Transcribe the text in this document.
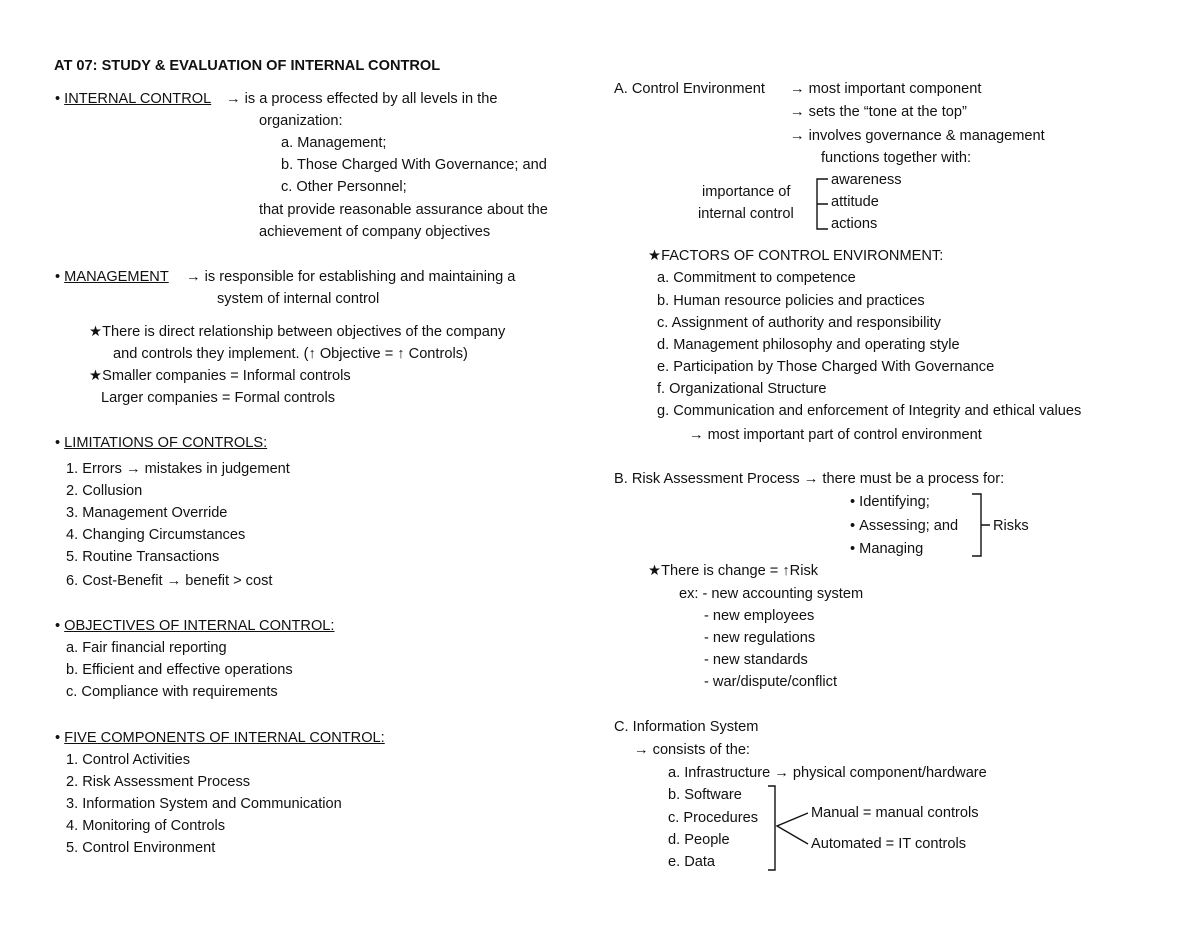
AT 07: STUDY & EVALUATION OF INTERNAL CONTROL
• INTERNAL CONTROL → is a process effected by all levels in the
organization:
a. Management;
b. Those Charged With Governance; and
c. Other Personnel;
that provide reasonable assurance about the
achievement of company objectives
• MANAGEMENT → is responsible for establishing and maintaining a
system of internal control
★There is direct relationship between objectives of the company
and controls they implement. (↑ Objective = ↑ Controls)
★Smaller companies = Informal controls
Larger companies = Formal controls
• LIMITATIONS OF CONTROLS:
1. Errors → mistakes in judgement
2. Collusion
3. Management Override
4. Changing Circumstances
5. Routine Transactions
6. Cost-Benefit → benefit > cost
• OBJECTIVES OF INTERNAL CONTROL:
a. Fair financial reporting
b. Efficient and effective operations
c. Compliance with requirements
• FIVE COMPONENTS OF INTERNAL CONTROL:
1. Control Activities
2. Risk Assessment Process
3. Information System and Communication
4. Monitoring of Controls
5. Control Environment
A. Control Environment → most important component
→ sets the “tone at the top”
→ involves governance & management
functions together with:
importance of
internal control
awareness
attitude
actions
★FACTORS OF CONTROL ENVIRONMENT:
a. Commitment to competence
b. Human resource policies and practices
c. Assignment of authority and responsibility
d. Management philosophy and operating style
e. Participation by Those Charged With Governance
f. Organizational Structure
g. Communication and enforcement of Integrity and ethical values
→ most important part of control environment
B. Risk Assessment Process → there must be a process for:
• Identifying;
• Assessing; and
• Managing
Risks
★There is change = ↑Risk
ex: - new accounting system
- new employees
- new regulations
- new standards
- war/dispute/conflict
C. Information System
→ consists of the:
a. Infrastructure → physical component/hardware
b. Software
c. Procedures
d. People
e. Data
Manual = manual controls
Automated = IT controls
